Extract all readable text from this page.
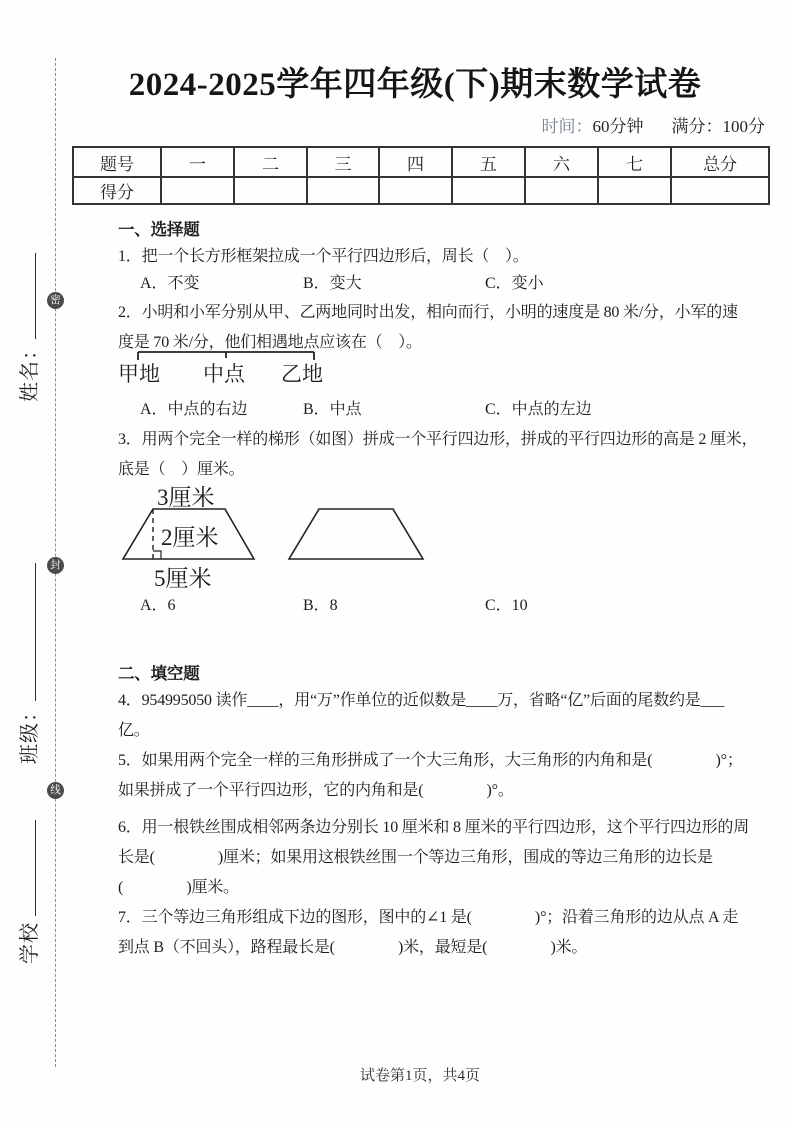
密
封
线
姓名：
班级：
学校
2024-2025学年四年级(下)期末数学试卷
时间：60分钟 满分：100分
题号	一	二	三	四	五	六	七	总分
得分								
一、选择题
1．把一个长方形框架拉成一个平行四边形后，周长（　）。
A．不变	B．变大	C．变小
2．小明和小军分别从甲、乙两地同时出发，相向而行，小明的速度是 80 米/分，小军的速
度是 70 米/分，他们相遇地点应该在（　）。
甲地 中点 乙地
A．中点的右边	B．中点	C．中点的左边
3．用两个完全一样的梯形（如图）拼成一个平行四边形，拼成的平行四边形的高是 2 厘米，
底是（　）厘米。
3厘米
2厘米
5厘米
A．6	B．8	C．10
二、填空题
4．954995050 读作____，用“万”作单位的近似数是____万，省略“亿”后面的尾数约是___
亿。
5．如果用两个完全一样的三角形拼成了一个大三角形，大三角形的内角和是(　　　　)°；
如果拼成了一个平行四边形，它的内角和是(　　　　)°。
6．用一根铁丝围成相邻两条边分别长 10 厘米和 8 厘米的平行四边形，这个平行四边形的周
长是(　　　　)厘米；如果用这根铁丝围一个等边三角形，围成的等边三角形的边长是
(　　　　)厘米。
7．三个等边三角形组成下边的图形，图中的∠1 是(　　　　)°；沿着三角形的边从点 A 走
到点 B（不回头），路程最长是(　　　　)米，最短是(　　　　)米。
试卷第1页，共4页
